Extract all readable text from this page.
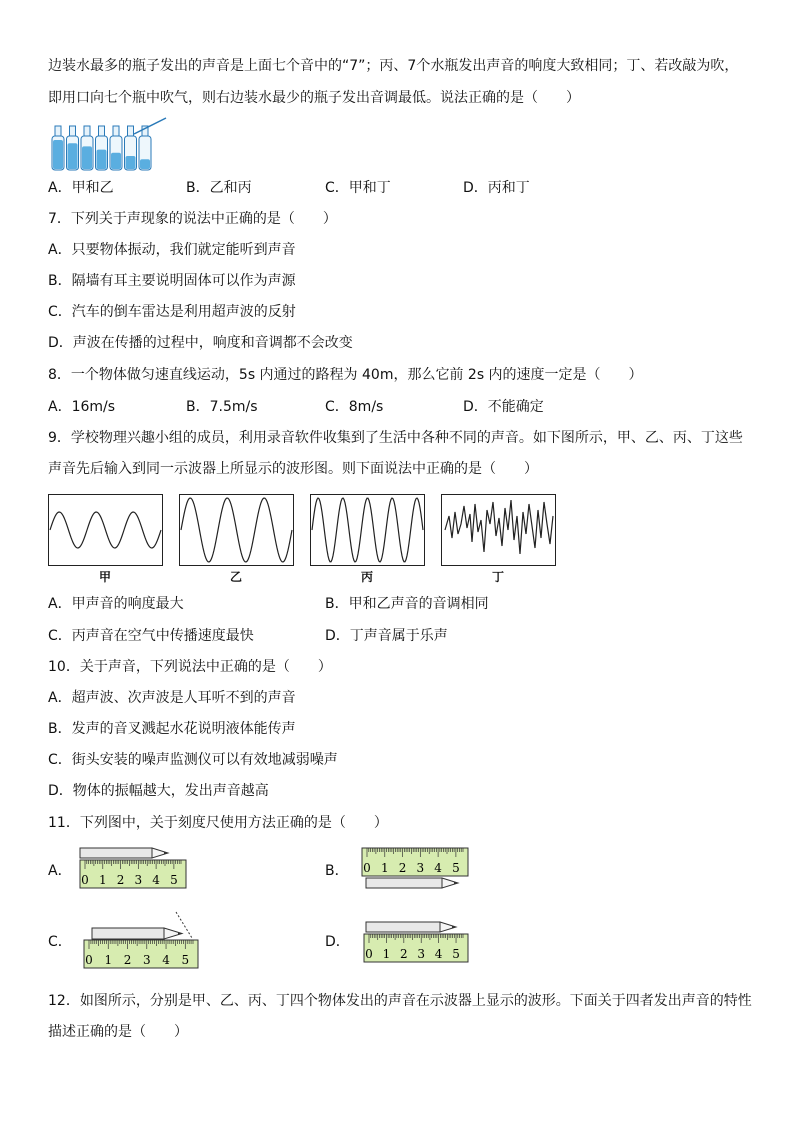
边装水最多的瓶子发出的声音是上面七个音中的“7”；丙、7个水瓶发出声音的响度大致相同；丁、若改敲为吹，
即用口向七个瓶中吹气，则右边装水最少的瓶子发出音调最低。说法正确的是（　　）
A．甲和乙	B．乙和丙	C．甲和丁	D．丙和丁
7．下列关于声现象的说法中正确的是（　　）
A．只要物体振动，我们就定能听到声音
B．隔墙有耳主要说明固体可以作为声源
C．汽车的倒车雷达是利用超声波的反射
D．声波在传播的过程中，响度和音调都不会改变
8．一个物体做匀速直线运动，5s 内通过的路程为 40m，那么它前 2s 内的速度一定是（　　）
A．16m/s	B．7.5m/s	C．8m/s	D．不能确定
9．学校物理兴趣小组的成员，利用录音软件收集到了生活中各种不同的声音。如下图所示，甲、乙、丙、丁这些
声音先后输入到同一示波器上所显示的波形图。则下面说法中正确的是（　　）
甲	乙	丙	丁
A．甲声音的响度最大	B．甲和乙声音的音调相同
C．丙声音在空气中传播速度最快	D．丁声音属于乐声
10．关于声音，下列说法中正确的是（　　）
A．超声波、次声波是人耳听不到的声音
B．发声的音叉溅起水花说明液体能传声
C．街头安装的噪声监测仪可以有效地减弱噪声
D．物体的振幅越大，发出声音越高
11．下列图中，关于刻度尺使用方法正确的是（　　）
A．	B．
C．	D．
0 1 2 3 4 5
0 1 2 3 4 5
0 1 2 3 4 5	0 1 2 3 4 5
12．如图所示，分别是甲、乙、丙、丁四个物体发出的声音在示波器上显示的波形。下面关于四者发出声音的特性
描述正确的是（　　）
